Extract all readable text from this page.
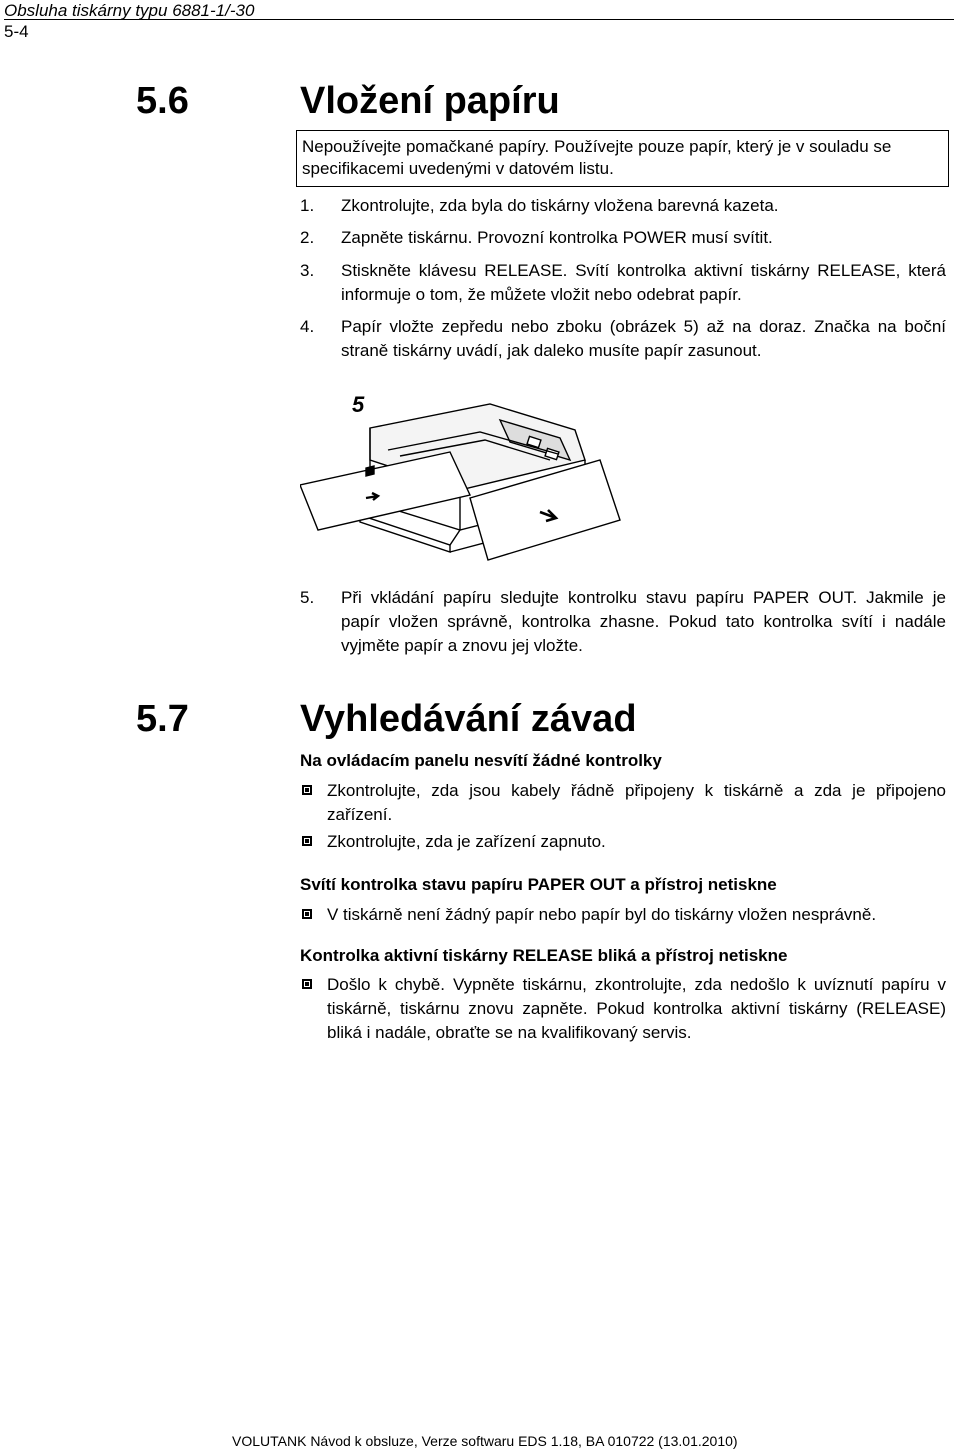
Obsluha tiskárny typu 6881-1/-30
5-4
5.6	Vložení papíru
Nepoužívejte pomačkané papíry. Používejte pouze papír, který je v souladu se specifikacemi uvedenými v datovém listu.
1. Zkontrolujte, zda byla do tiskárny vložena barevná kazeta.
2. Zapněte tiskárnu. Provozní kontrolka POWER musí svítit.
3. Stiskněte klávesu RELEASE. Svítí kontrolka aktivní tiskárny RELEASE, která informuje o tom, že můžete vložit nebo odebrat papír.
4. Papír vložte zepředu nebo zboku (obrázek 5) až na doraz. Značka na boční straně tiskárny uvádí, jak daleko musíte papír zasunout.
5
5. Při vkládání papíru sledujte kontrolku stavu papíru PAPER OUT. Jakmile je papír vložen správně, kontrolka zhasne. Pokud tato kontrolka svítí i nadále vyjměte papír a znovu jej vložte.
5.7	Vyhledávání závad
Na ovládacím panelu nesvítí žádné kontrolky
Zkontrolujte, zda jsou kabely řádně připojeny k tiskárně a zda je připojeno zařízení.
Zkontrolujte, zda je zařízení zapnuto.
Svítí kontrolka stavu papíru PAPER OUT a přístroj netiskne
V tiskárně není žádný papír nebo papír byl do tiskárny vložen nesprávně.
Kontrolka aktivní tiskárny RELEASE bliká a přístroj netiskne
Došlo k chybě. Vypněte tiskárnu, zkontrolujte, zda nedošlo k uvíznutí papíru v tiskárně, tiskárnu znovu zapněte. Pokud kontrolka aktivní tiskárny (RELEASE) bliká i nadále, obraťte se na kvalifikovaný servis.
VOLUTANK Návod k obsluze, Verze softwaru EDS 1.18, BA 010722 (13.01.2010)
